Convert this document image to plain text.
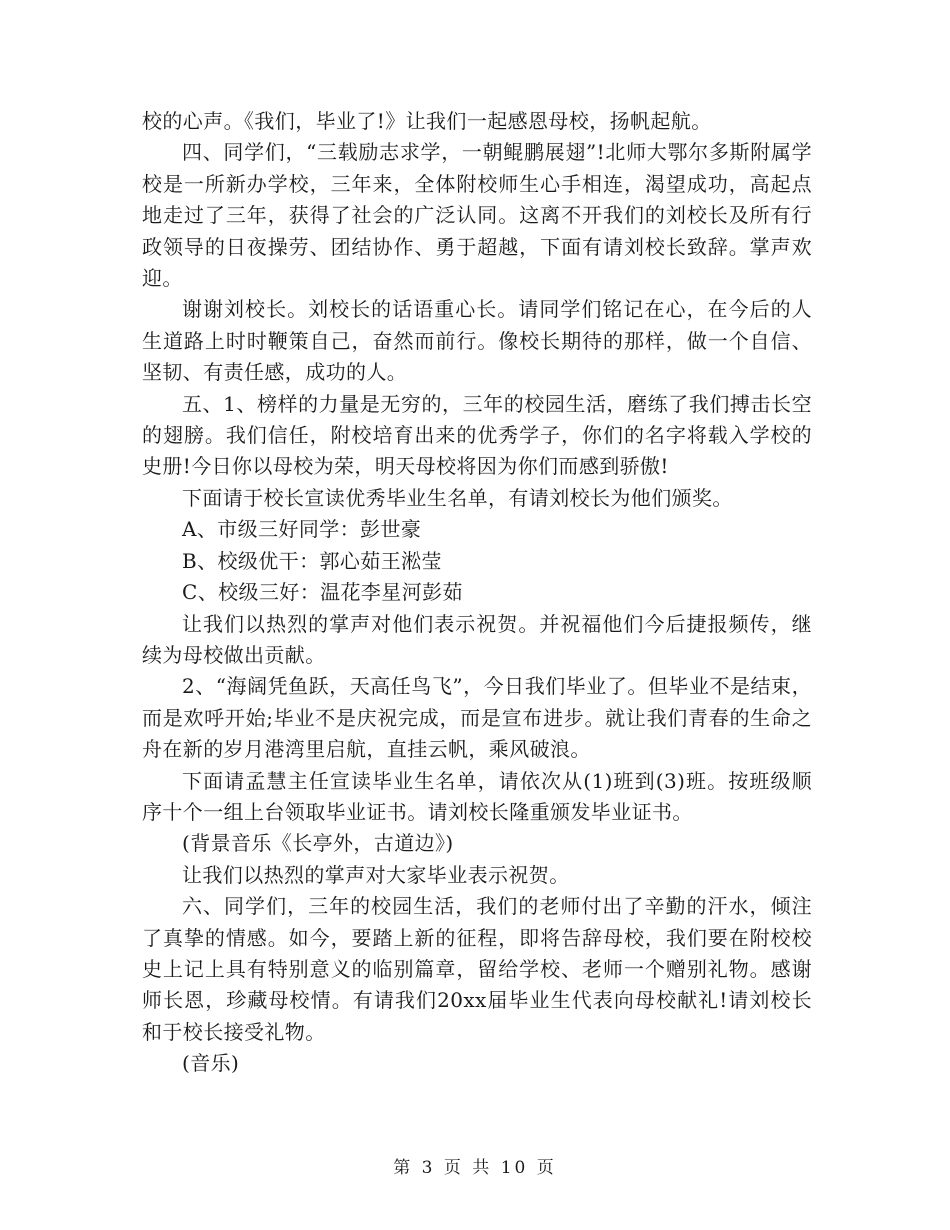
校的心声。《我们，毕业了!》让我们一起感恩母校，扬帆起航。

四、同学们，“三载励志求学，一朝鲲鹏展翅”!北师大鄂尔多斯附属学校是一所新办学校，三年来，全体附校师生心手相连，渴望成功，高起点地走过了三年，获得了社会的广泛认同。这离不开我们的刘校长及所有行政领导的日夜操劳、团结协作、勇于超越，下面有请刘校长致辞。掌声欢迎。

谢谢刘校长。刘校长的话语重心长。请同学们铭记在心，在今后的人生道路上时时鞭策自己，奋然而前行。像校长期待的那样，做一个自信、坚韧、有责任感，成功的人。

五、1、榜样的力量是无穷的，三年的校园生活，磨练了我们搏击长空的翅膀。我们信任，附校培育出来的优秀学子，你们的名字将载入学校的史册!今日你以母校为荣，明天母校将因为你们而感到骄傲!

下面请于校长宣读优秀毕业生名单，有请刘校长为他们颁奖。

A、市级三好同学：彭世豪

B、校级优干：郭心茹王淞莹

C、校级三好：温花李星河彭茹

让我们以热烈的掌声对他们表示祝贺。并祝福他们今后捷报频传，继续为母校做出贡献。

2、“海阔凭鱼跃，天高任鸟飞”，今日我们毕业了。但毕业不是结束，而是欢呼开始;毕业不是庆祝完成，而是宣布进步。就让我们青春的生命之舟在新的岁月港湾里启航，直挂云帆，乘风破浪。

下面请孟慧主任宣读毕业生名单，请依次从(1)班到(3)班。按班级顺序十个一组上台领取毕业证书。请刘校长隆重颁发毕业证书。

(背景音乐《长亭外，古道边》)

让我们以热烈的掌声对大家毕业表示祝贺。

六、同学们，三年的校园生活，我们的老师付出了辛勤的汗水，倾注了真挚的情感。如今，要踏上新的征程，即将告辞母校，我们要在附校校史上记上具有特别意义的临别篇章，留给学校、老师一个赠别礼物。感谢师长恩，珍藏母校情。有请我们20xx届毕业生代表向母校献礼!请刘校长和于校长接受礼物。

(音乐)

第 3 页 共 10 页
